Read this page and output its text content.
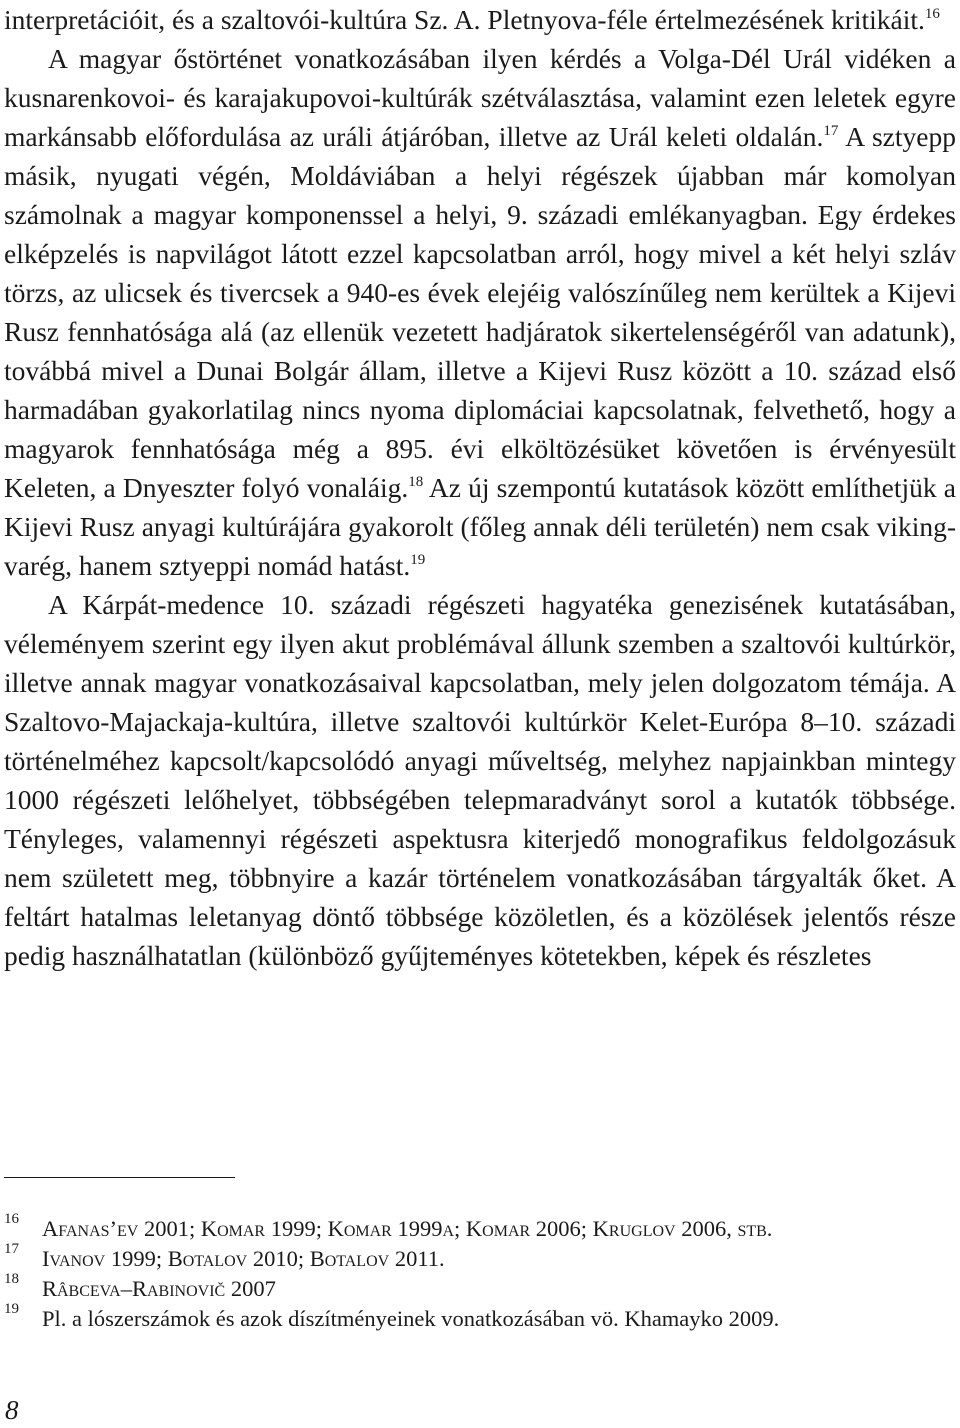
interpretációit, és a szaltovói-kultúra Sz. A. Pletnyova-féle értelmezésének kritikáit.$^{16}$

A magyar őstörténet vonatkozásában ilyen kérdés a Volga-Dél Urál vidéken a kusnarenkovoi- és karajakupovoi-kultúrák szétválasztása, valamint ezen leletek egyre markánsabb előfordulása az uráli átjáróban, illetve az Urál keleti oldalán.$^{17}$ A sztyepp másik, nyugati végén, Moldáviában a helyi régészek újabban már komolyan számolnak a magyar komponenssel a helyi, 9. századi emlékanyagban. Egy érdekes elképzelés is napvilágot látott ezzel kapcsolatban arról, hogy mivel a két helyi szláv törzs, az ulicsek és tivercsek a 940-es évek elejéig valószínűleg nem kerültek a Kijevi Rusz fennhatósága alá (az ellenük vezetett hadjáratok sikertelenségéről van adatunk), továbbá mivel a Dunai Bolgár állam, illetve a Kijevi Rusz között a 10. század első harmadában gyakorlatilag nincs nyoma diplomáciai kapcsolatnak, felvethető, hogy a magyarok fennhatósága még a 895. évi elköltözésüket követően is érvényesült Keleten, a Dnyeszter folyó vonaláig.$^{18}$ Az új szempontú kutatások között említhetjük a Kijevi Rusz anyagi kultúrájára gyakorolt (főleg annak déli területén) nem csak viking-varég, hanem sztyeppi nomád hatást.$^{19}$

A Kárpát-medence 10. századi régészeti hagyatéka genezisének kutatásában, véleményem szerint egy ilyen akut problémával állunk szemben a szaltovói kultúrkör, illetve annak magyar vonatkozásaival kapcsolatban, mely jelen dolgozatom témája. A Szaltovo-Majackaja-kultúra, illetve szaltovói kultúrkör Kelet-Európa 8–10. századi történelméhez kapcsolt/kapcsolódó anyagi műveltség, melyhez napjainkban mintegy 1000 régészeti lelőhelyet, többségében telepmaradványt sorol a kutatók többsége. Tényleges, valamennyi régészeti aspektusra kiterjedő monografikus feldolgozásuk nem született meg, többnyire a kazár történelem vonatkozásában tárgyalták őket. A feltárt hatalmas leletanyag döntő többsége közöletlen, és a közölések jelentős része pedig használhatatlan (különböző gyűjteményes kötetekben, képek és részletes

16 Afanas’ev 2001; Komar 1999; Komar 1999a; Komar 2006; Kruglov 2006, stb.
17 Ivanov 1999; Botalov 2010; Botalov 2011.
18 Râbceva–Rabinovič 2007
19 Pl. a lószerszámok és azok díszítményeinek vonatkozásában vö. Khamayko 2009.
8
